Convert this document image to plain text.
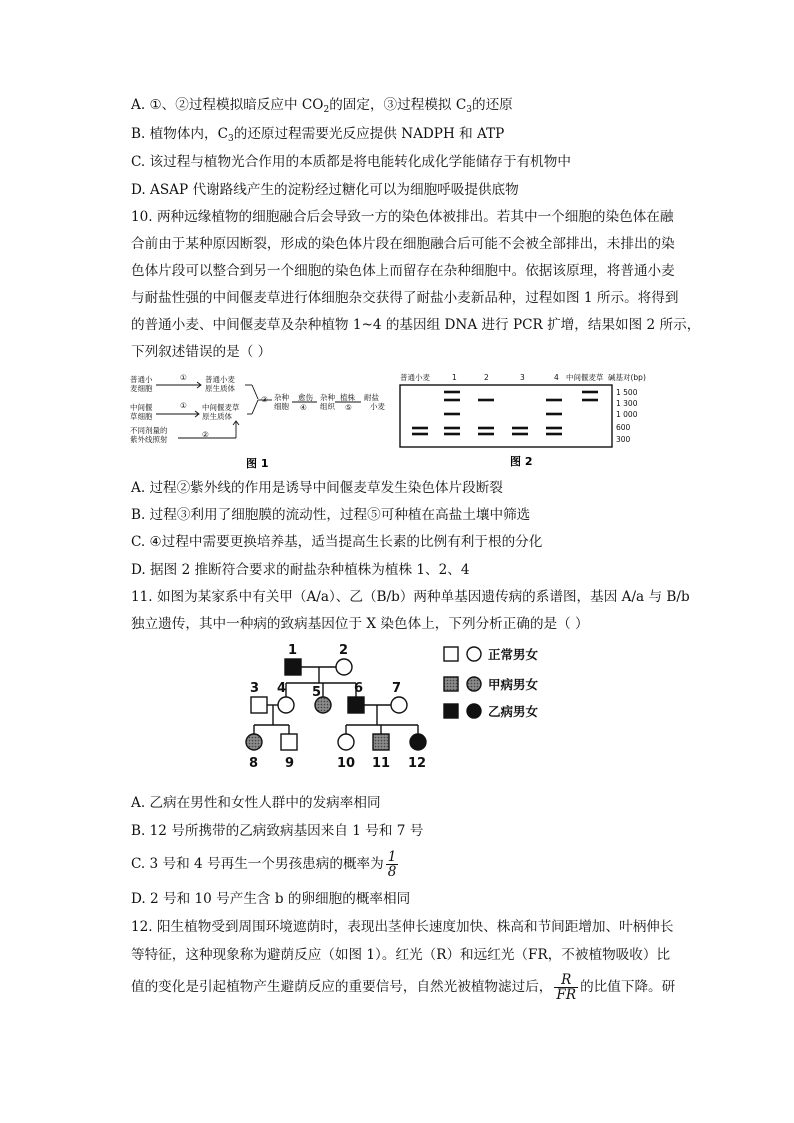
A. ①、②过程模拟暗反应中 $CO_2$的固定，③过程模拟 $C_3$的还原
B. 植物体内，$C_3$的还原过程需要光反应提供 NADPH 和 ATP
C. 该过程与植物光合作用的本质都是将电能转化成化学能储存于有机物中
D. ASAP 代谢路线产生的淀粉经过糖化可以为细胞呼吸提供底物
10. 两种远缘植物的细胞融合后会导致一方的染色体被排出。若其中一个细胞的染色体在融
合前由于某种原因断裂，形成的染色体片段在细胞融合后可能不会被全部排出，未排出的染
色体片段可以整合到另一个细胞的染色体上而留存在杂种细胞中。依据该原理，将普通小麦
与耐盐性强的中间偃麦草进行体细胞杂交获得了耐盐小麦新品种，过程如图 1 所示。将得到
的普通小麦、中间偃麦草及杂种植物 1~4 的基因组 DNA 进行 PCR 扩增，结果如图 2 所示，
下列叙述错误的是（ ）
普通小
麦细胞
普通小麦
原生质体
中间偃
草细胞
中间偃麦草
原生质体
不同剂量的
紫外线照射
①
①
②
③ 杂种
细胞
愈伤
④
杂种
组织
植株
⑤
耐盐
小麦
图 1
普通小麦	1	2	3	4 中间偃麦草 碱基对(bp)
1 500
1 300
1 000
600
300
图 2
A. 过程②紫外线的作用是诱导中间偃麦草发生染色体片段断裂
B. 过程③利用了细胞膜的流动性，过程⑤可种植在高盐土壤中筛选
C. ④过程中需要更换培养基，适当提高生长素的比例有利于根的分化
D. 据图 2 推断符合要求的耐盐杂种植株为植株 1、2、4
11. 如图为某家系中有关甲（A/a）、乙（B/b）两种单基因遗传病的系谱图，基因 A/a 与 B/b
独立遗传，其中一种病的致病基因位于 X 染色体上，下列分析正确的是（ ）
1	2
3 4 5	6 7
8 9	10 11 12
正常男女
甲病男女
乙病男女
A. 乙病在男性和女性人群中的发病率相同
B. 12 号所携带的乙病致病基因来自 1 号和 7 号
C. 3 号和 4 号再生一个男孩患病的概率为 $\frac{1}{8}$
D. 2 号和 10 号产生含 b 的卵细胞的概率相同
12. 阳生植物受到周围环境遮荫时，表现出茎伸长速度加快、株高和节间距增加、叶柄伸长
等特征，这种现象称为避荫反应（如图 1）。红光（R）和远红光（FR，不被植物吸收）比
值的变化是引起植物产生避荫反应的重要信号，自然光被植物滤过后， $\frac{R}{FR}$ 的比值下降。研
